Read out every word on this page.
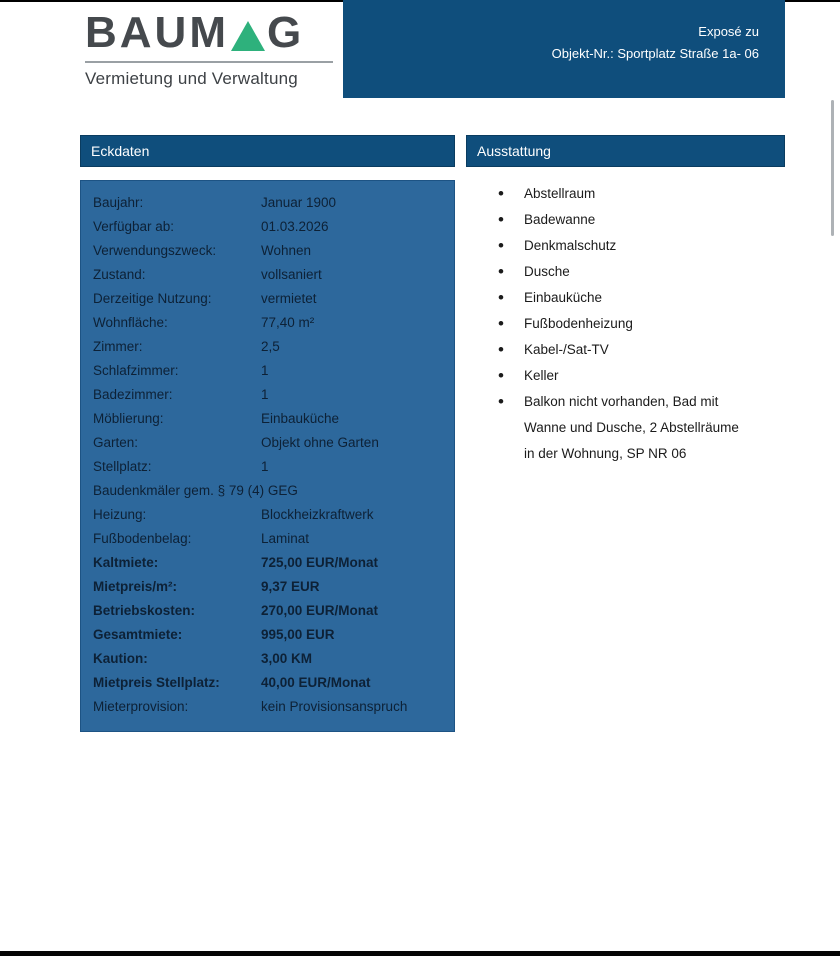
BAUM G
Vermietung und Verwaltung
Exposé zu
Objekt-Nr.: Sportplatz Straße 1a- 06
Eckdaten
Baujahr:	Januar 1900
Verfügbar ab:	01.03.2026
Verwendungszweck:	Wohnen
Zustand:	vollsaniert
Derzeitige Nutzung:	vermietet
Wohnfläche:	77,40 m²
Zimmer:	2,5
Schlafzimmer:	1
Badezimmer:	1
Möblierung:	Einbauküche
Garten:	Objekt ohne Garten
Stellplatz:	1
Baudenkmäler gem. § 79 (4) GEG
Heizung:	Blockheizkraftwerk
Fußbodenbelag:	Laminat
Kaltmiete:	725,00 EUR/Monat
Mietpreis/m²:	9,37 EUR
Betriebskosten:	270,00 EUR/Monat
Gesamtmiete:	995,00 EUR
Kaution:	3,00 KM
Mietpreis Stellplatz:	40,00 EUR/Monat
Mieterprovision:	kein Provisionsanspruch
Ausstattung
•	Abstellraum
•	Badewanne
•	Denkmalschutz
•	Dusche
•	Einbauküche
•	Fußbodenheizung
•	Kabel-/Sat-TV
•	Keller
•	Balkon nicht vorhanden, Bad mit Wanne und Dusche, 2 Abstellräume in der Wohnung, SP NR 06
